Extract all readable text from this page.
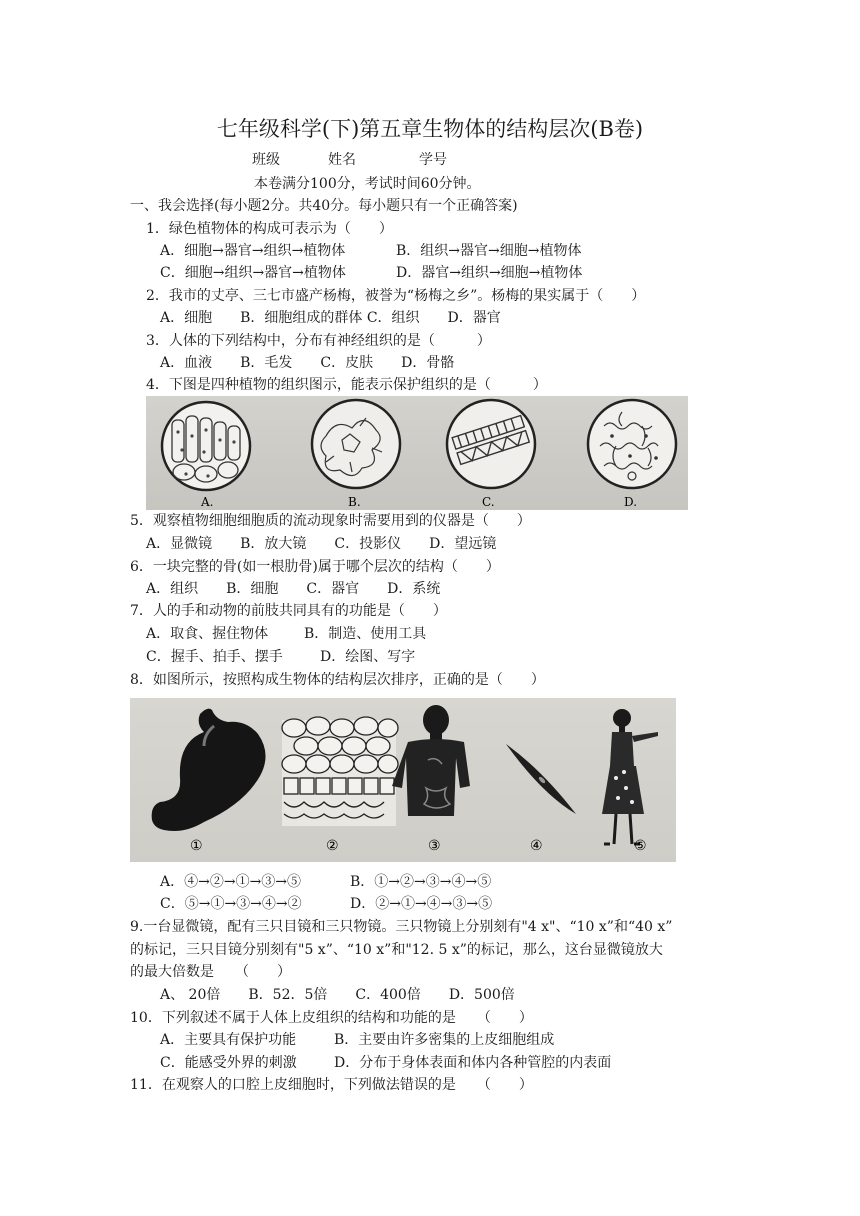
七年级科学(下)第五章生物体的结构层次(B卷)
班级	姓名	学号
本卷满分100分，考试时间60分钟。
一、我会选择(每小题2分。共40分。每小题只有一个正确答案)
1．绿色植物体的构成可表示为（　　）
A．细胞→器官→组织→植物体	B．组织→器官→细胞→植物体
C．细胞→组织→器官→植物体	D．器官→组织→细胞→植物体
2．我市的丈亭、三七市盛产杨梅，被誉为“杨梅之乡”。杨梅的果实属于（　　）
A．细胞　　B．细胞组成的群体 C．组织　　D．器官
3．人体的下列结构中，分布有神经组织的是（　　　）
A．血液　　B．毛发　　C．皮肤　　D．骨骼
4．下图是四种植物的组织图示，能表示保护组织的是（　　　）
A.	B.	C.	D.
5．观察植物细胞细胞质的流动现象时需要用到的仪器是（　　）
A．显微镜　　B．放大镜　　C．投影仪　　D．望远镜
6．一块完整的骨(如一根肋骨)属于哪个层次的结构（　　）
A．组织　　B．细胞　　C．器官　　D．系统
7．人的手和动物的前肢共同具有的功能是（　　）
A．取食、握住物体	B．制造、使用工具
C．握手、拍手、摆手	D．绘图、写字
8．如图所示，按照构成生物体的结构层次排序，正确的是（　　）
①	②	③	④	⑤
A．④→②→①→③→⑤	B．①→②→③→④→⑤
C．⑤→①→③→④→②	D．②→①→④→③→⑤
9.一台显微镜，配有三只目镜和三只物镜。三只物镜上分别刻有"4 x"、“10 x”和“40 x”
的标记，三只目镜分别刻有"5 x”、“10 x”和"12. 5 x”的标记，那么，这台显微镜放大
的最大倍数是　　（　　）
A、 20倍　　B．52．5倍　　C．400倍　　D．500倍
10．下列叙述不属于人体上皮组织的结构和功能的是　　（　　）
A．主要具有保护功能	B．主要由许多密集的上皮细胞组成
C．能感受外界的刺激	D．分布于身体表面和体内各种管腔的内表面
11．在观察人的口腔上皮细胞时，下列做法错误的是　　（　　）
